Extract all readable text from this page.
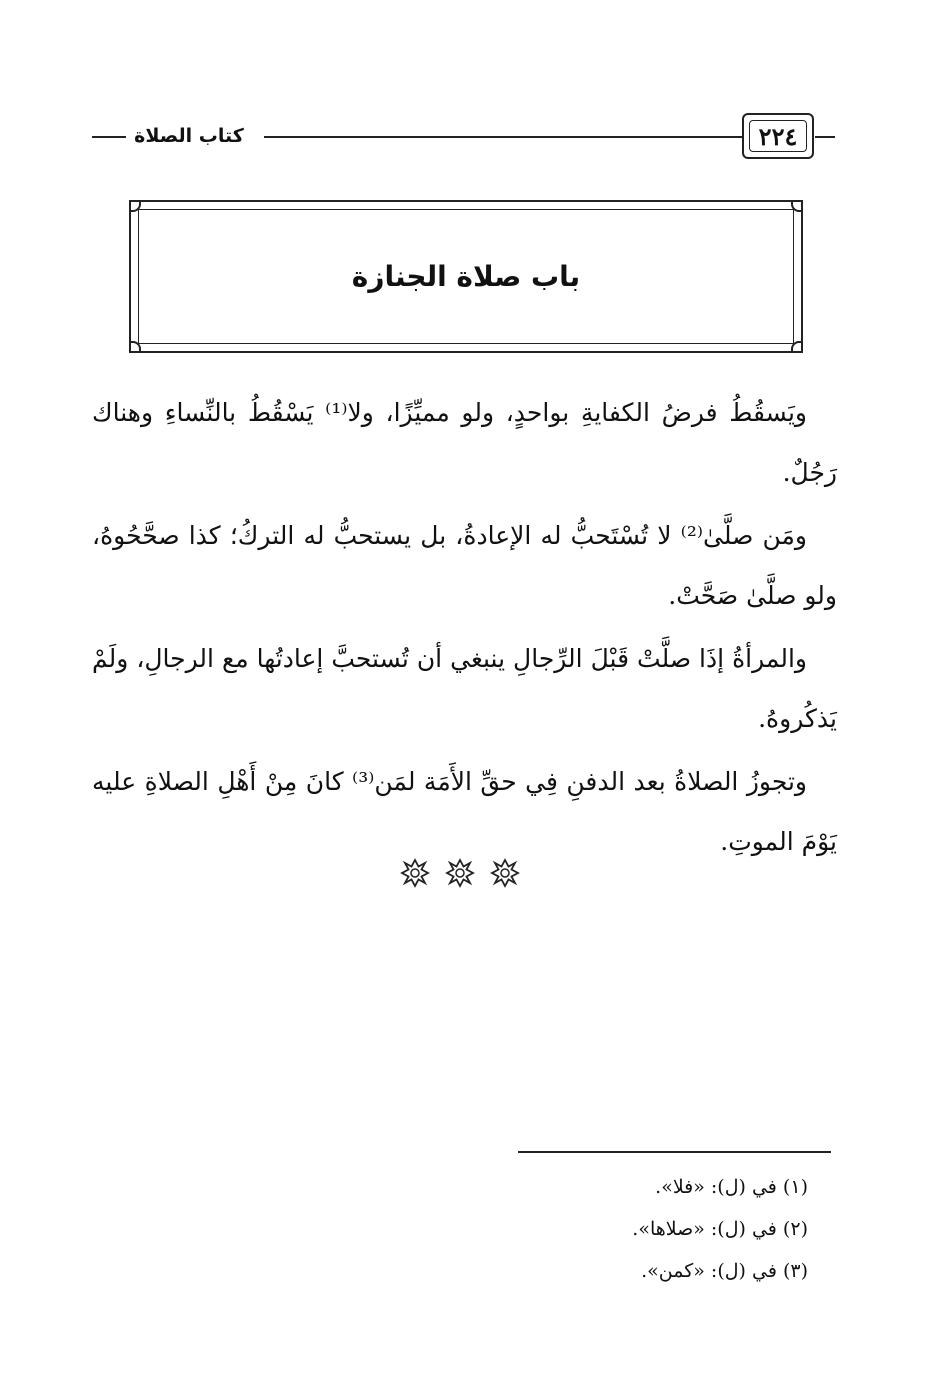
٢٢٤
كتاب الصلاة
باب صلاة الجنازة

ويَسقُطُ فرضُ الكفايةِ بواحدٍ، ولو مميِّزًا، ولا⁽¹⁾ يَسْقُطُ بالنِّساءِ وهناك رَجُلٌ.

ومَن صلَّىٰ⁽²⁾ لا تُسْتَحبُّ له الإعادةُ، بل يستحبُّ له التركُ؛ كذا صحَّحُوهُ، ولو صلَّىٰ صَحَّتْ.

والمرأةُ إذَا صلَّتْ قَبْلَ الرِّجالِ ينبغي أن تُستحبَّ إعادتُها مع الرجالِ، ولَمْ يَذكُروهُ.

وتجوزُ الصلاةُ بعد الدفنِ فِي حقِّ الأَمَة لمَن⁽³⁾ كانَ مِنْ أَهْلِ الصلاةِ عليه يَوْمَ الموتِ.

(١) في (ل): «فلا».
(٢) في (ل): «صلاها».
(٣) في (ل): «كمن».
